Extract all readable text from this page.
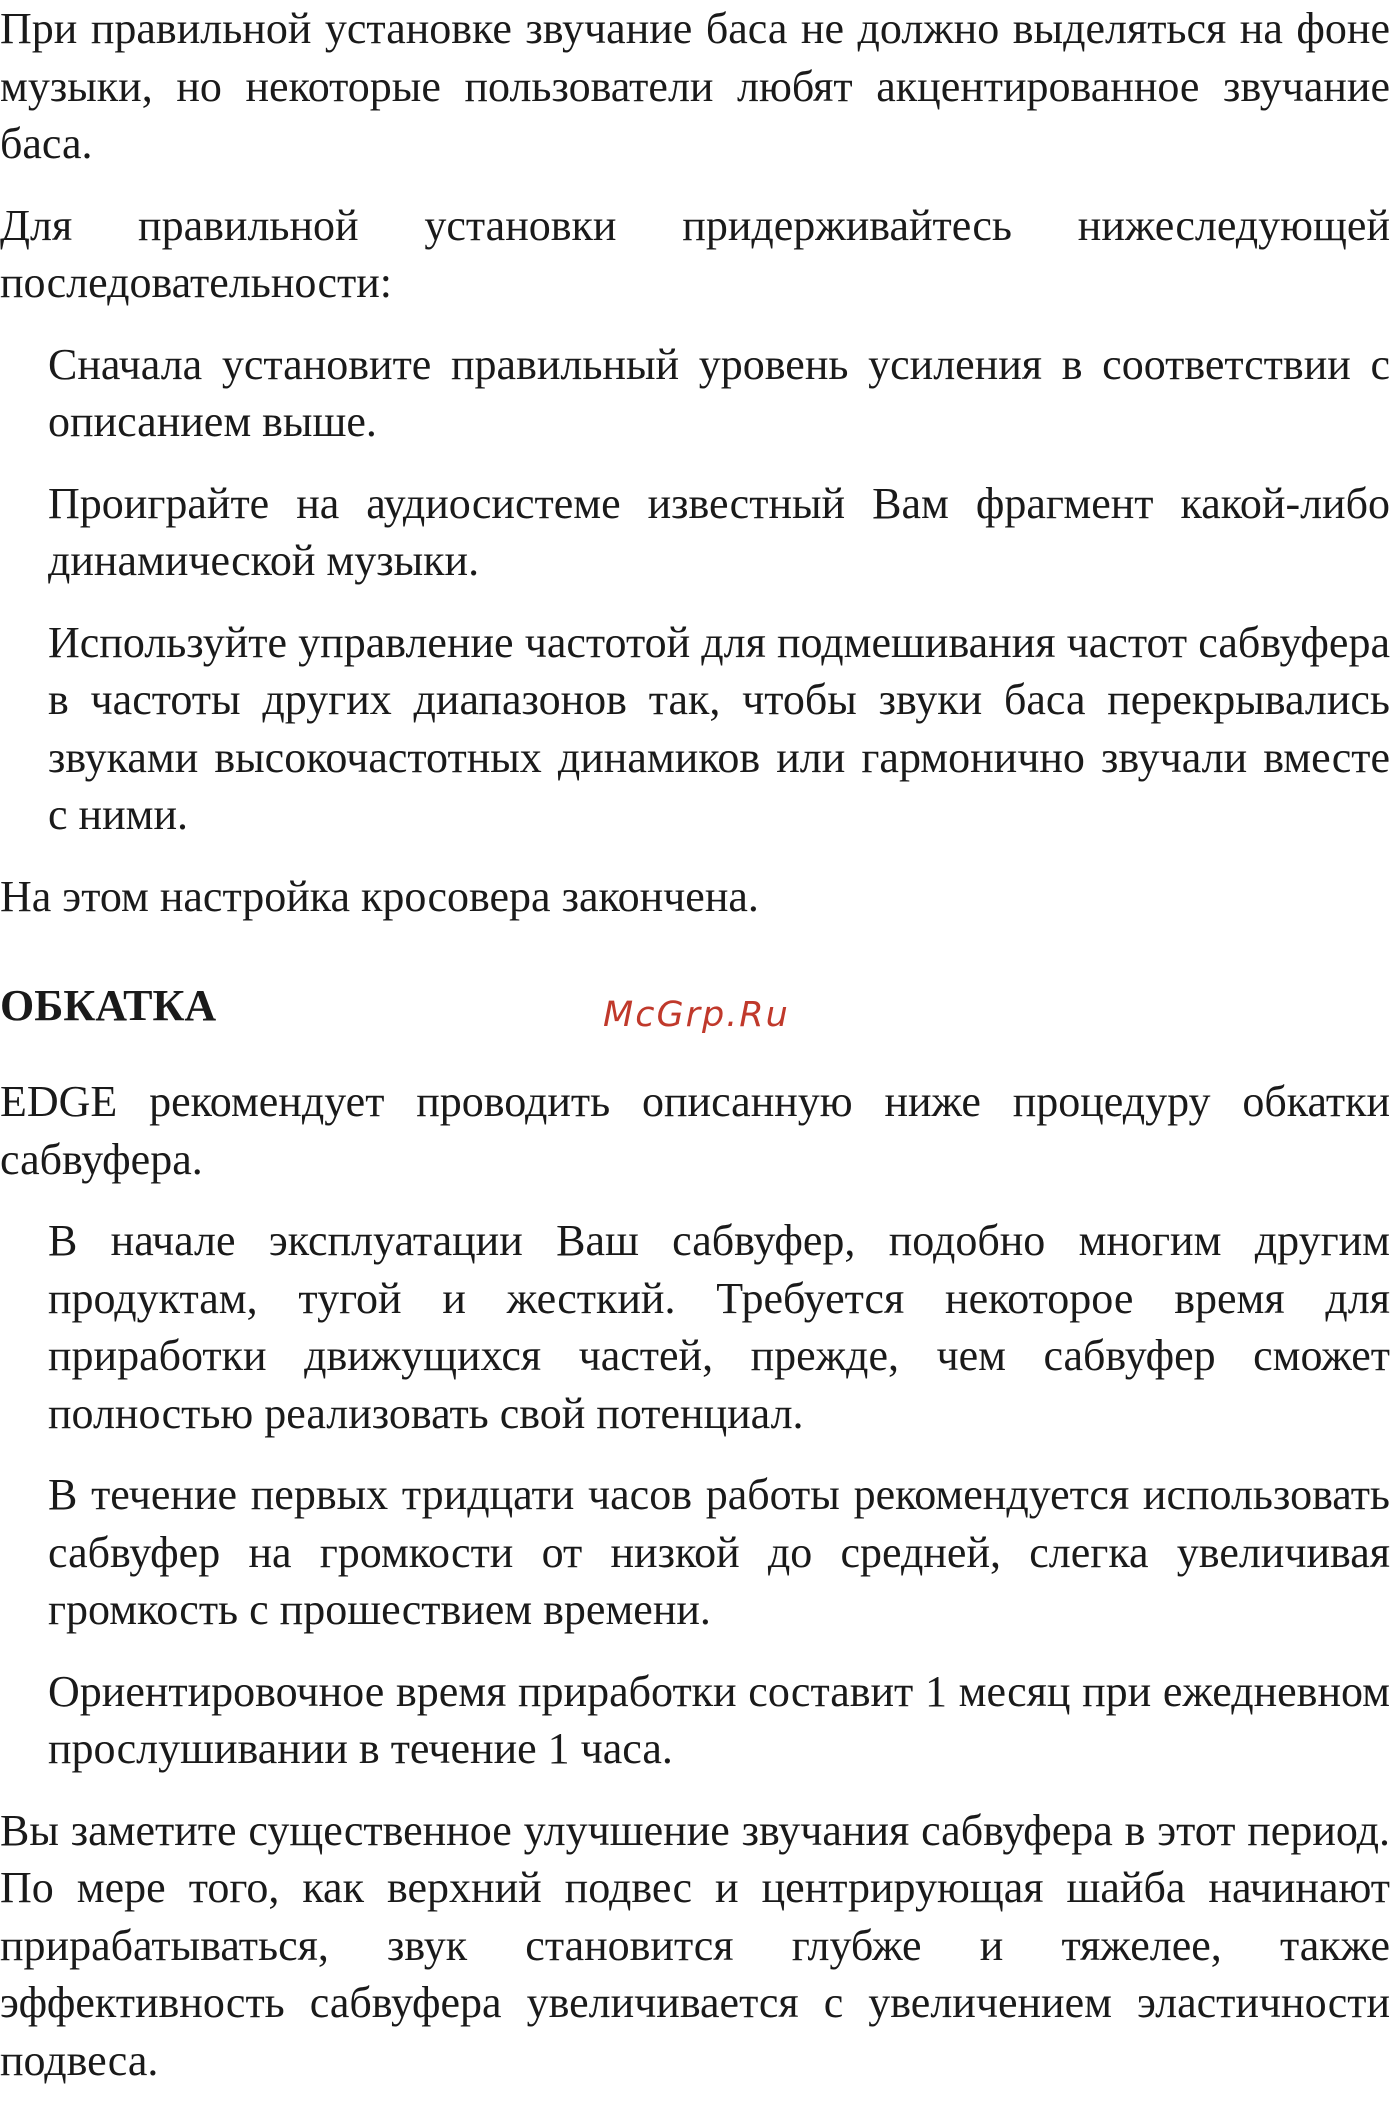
При правильной установке звучание баса не должно выделяться на фоне музыки, но некоторые пользователи любят акцентированное звучание баса.

Для правильной установки придерживайтесь нижеследующей последовательности:

Сначала установите правильный уровень усиления в соответствии с описанием выше.

Проиграйте на аудиосистеме известный Вам фрагмент какой-либо динамической музыки.

Используйте управление частотой для подмешивания частот сабвуфера в частоты других диапазонов так, чтобы звуки баса перекрывались звуками высокочастотных динамиков или гармонично звучали вместе с ними.

На этом настройка кросовера закончена.

ОБКАТКА	McGrp.Ru

EDGE рекомендует проводить описанную ниже процедуру обкатки сабвуфера.

В начале эксплуатации Ваш сабвуфер, подобно многим другим продуктам, тугой и жесткий. Требуется некоторое время для приработки движущихся частей, прежде, чем сабвуфер сможет полностью реализовать свой потенциал.

В течение первых тридцати часов работы рекомендуется использовать сабвуфер на громкости от низкой до средней, слегка увеличивая громкость с прошествием времени.

Ориентировочное время приработки составит 1 месяц при ежедневном прослушивании в течение 1 часа.

Вы заметите существенное улучшение звучания сабвуфера в этот период. По мере того, как верхний подвес и центрирующая шайба начинают прирабатываться, звук становится глубже и тяжелее, также эффективность сабвуфера увеличивается с увеличением эластичности подвеса.
